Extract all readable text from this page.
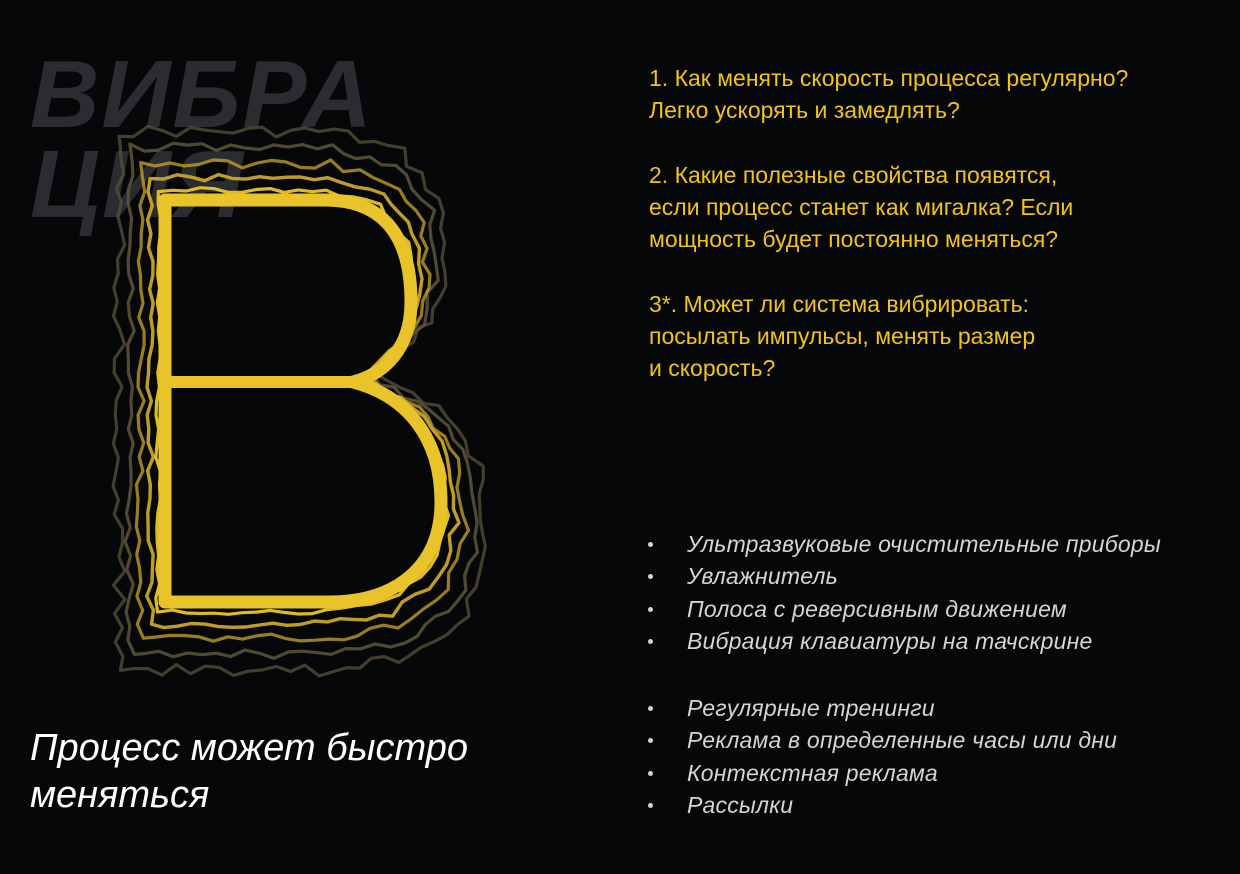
ВИБРА
ЦИЯ

1. Как менять скорость процесса регулярно?
Легко ускорять и замедлять?

2. Какие полезные свойства появятся,
если процесс станет как мигалка? Если
мощность будет постоянно меняться?

3*. Может ли система вибрировать:
посылать импульсы, менять размер
и скорость?

Ультразвуковые очистительные приборы
Увлажнитель
Полоса с реверсивным движением
Вибрация клавиатуры на тачскрине
Регулярные тренинги
Реклама в определенные часы или дни
Контекстная реклама
Рассылки

Процесс может быстро
меняться
